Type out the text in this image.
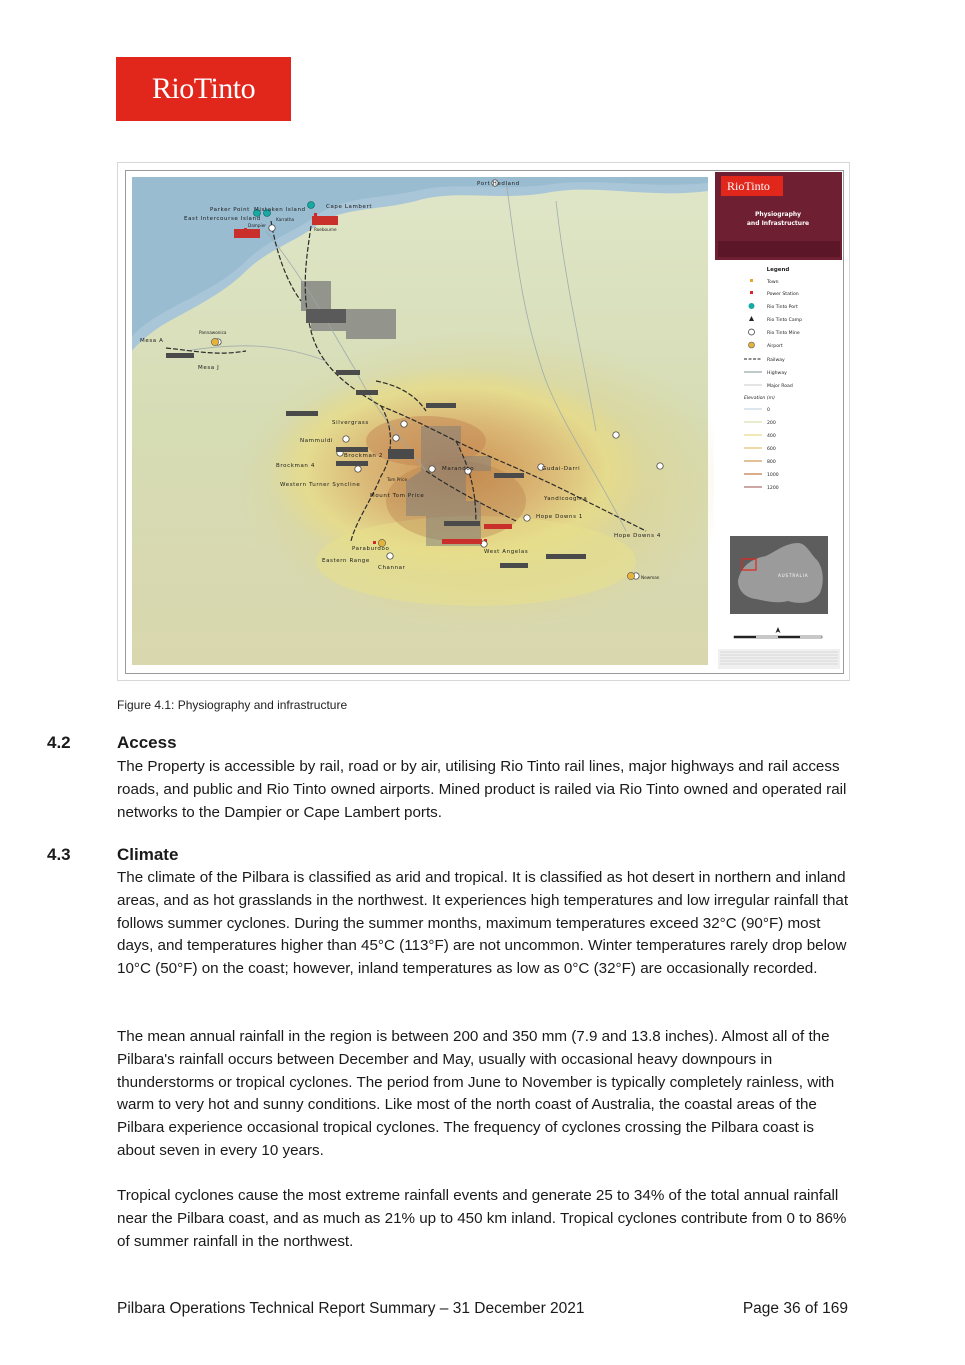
RioTinto
Port Hedland
Cape Lambert
Parker Point Mistaken Island
East Intercourse Island
Dampier
Karratha
Roebourne
Mesa A
Pannawonica
Mesa J
Silvergrass
Nammuldi
Brockman 2
Brockman 4
Western Turner Syncline
Mount Tom Price
Marandoo	Gudai-Darri
Yandicoogina
Hope Downs 1
Hope Downs 4
West Angelas
Paraburdoo
Eastern Range
Channar
Newman
Tom Price
RioTinto
Physiography
and Infrastructure
Legend
Town
Power Station
Rio Tinto Port
Rio Tinto Camp
Rio Tinto Mine
Airport
Railway
Highway
Major Road
Elevation (m)
0
200
400
600
800
1000
1200
AUSTRALIA
Figure 4.1: Physiography and infrastructure
4.2	Access

The Property is accessible by rail, road or by air, utilising Rio Tinto rail lines, major highways and rail access roads, and public and Rio Tinto owned airports. Mined product is railed via Rio Tinto owned and operated rail networks to the Dampier or Cape Lambert ports.

4.3	Climate

The climate of the Pilbara is classified as arid and tropical. It is classified as hot desert in northern and inland areas, and as hot grasslands in the northwest. It experiences high temperatures and low irregular rainfall that follows summer cyclones. During the summer months, maximum temperatures exceed 32°C (90°F) most days, and temperatures higher than 45°C (113°F) are not uncommon. Winter temperatures rarely drop below 10°C (50°F) on the coast; however, inland temperatures as low as 0°C (32°F) are occasionally recorded.

The mean annual rainfall in the region is between 200 and 350 mm (7.9 and 13.8 inches). Almost all of the Pilbara's rainfall occurs between December and May, usually with occasional heavy downpours in thunderstorms or tropical cyclones. The period from June to November is typically completely rainless, with warm to very hot and sunny conditions. Like most of the north coast of Australia, the coastal areas of the Pilbara experience occasional tropical cyclones. The frequency of cyclones crossing the Pilbara coast is about seven in every 10 years.

Tropical cyclones cause the most extreme rainfall events and generate 25 to 34% of the total annual rainfall near the Pilbara coast, and as much as 21% up to 450 km inland. Tropical cyclones contribute from 0 to 86% of summer rainfall in the northwest.

Pilbara Operations Technical Report Summary – 31 December 2021	Page 36 of 169
